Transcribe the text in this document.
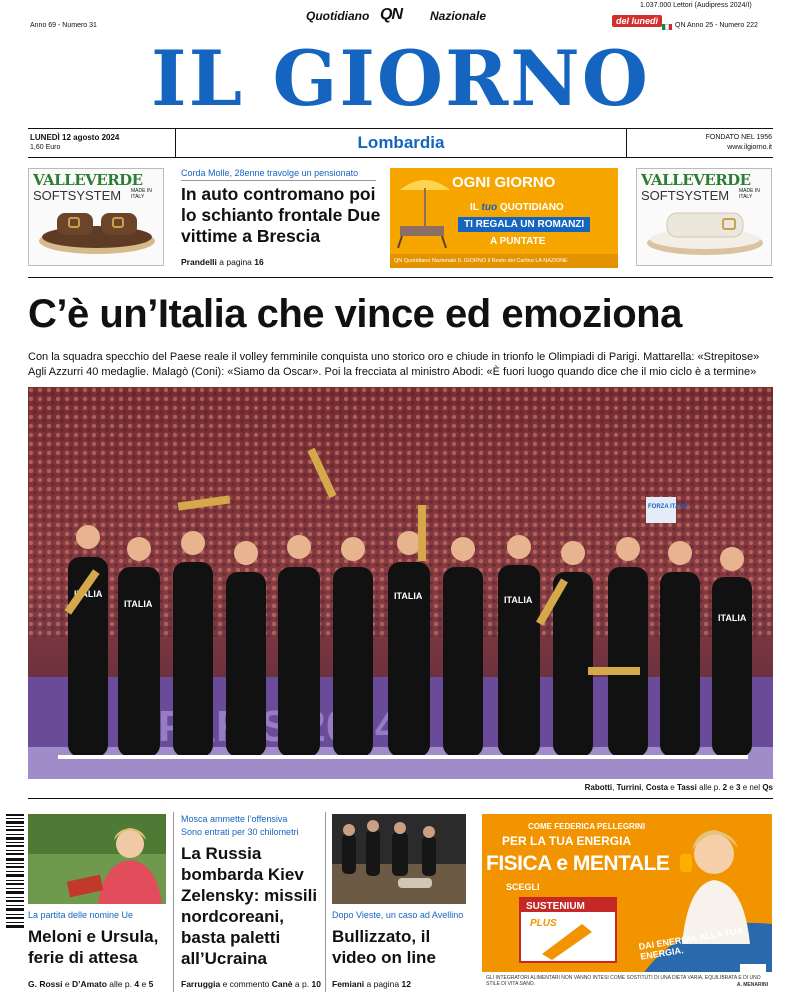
Quotidiano QN Nazionale
1.037.000 Lettori (Audipress 2024/I)
del lunedì
Anno 69 - Numero 31	QN Anno 25 - Numero 222
IL GIORNO
LUNEDÌ 12 agosto 2024
1,60 Euro	Lombardia	FONDATO NEL 1956
www.ilgiorno.it
VALLEVERDE
SOFTSYSTEM MADE IN ITALY
Corda Molle, 28enne travolge un pensionato
In auto contromano poi lo schianto frontale Due vittime a Brescia
Prandelli a pagina 16
OGNI GIORNO
IL tuo QUOTIDIANO
TI REGALA UN ROMANZI
A PUNTATE
QN Quotidiano Nazionale IL GIORNO il Resto del Carlino LA NAZIONE
VALLEVERDE
SOFTSYSTEM MADE IN ITALY
C’è un’Italia che vince ed emoziona
Con la squadra specchio del Paese reale il volley femminile conquista uno storico oro e chiude in trionfo le Olimpiadi di Parigi. Mattarella: «Strepitose» Agli Azzurri 40 medaglie. Malagò (Coni): «Siamo da Oscar». Poi la frecciata al ministro Abodi: «È fuori luogo quando dice che il mio ciclo è a termine»
PARIS
FORZA ITALIA
ITALIA
ITALIA
ITALIA	ITALIA
ITALIA
Rabotti, Turrini, Costa e Tassi alle p. 2 e 3 e nel Qs
La partita delle nomine Ue
Meloni e Ursula, ferie di attesa
G. Rossi e D’Amato alle p. 4 e 5
Mosca ammette l’offensiva
Sono entrati per 30 chilometri
La Russia bombarda Kiev Zelensky: missili nordcoreani, basta paletti all’Ucraina
Farruggia e commento Canè a p. 10
Dopo Vieste, un caso ad Avellino
Bullizzato, il video on line
Femiani a pagina 12
SUSTENIUM
PLUS
COME FEDERICA PELLEGRINI
PER LA TUA ENERGIA
FISICA e MENTALE
SCEGLI
DAI ENERGIA ALLA TUA ENERGIA.
GLI INTEGRATORI ALIMENTARI NON VANNO INTESI COME SOSTITUTI DI UNA DIETA VARIA, EQUILIBRATA E DI UNO STILE DI VITA SANO.	A. MENARINI
